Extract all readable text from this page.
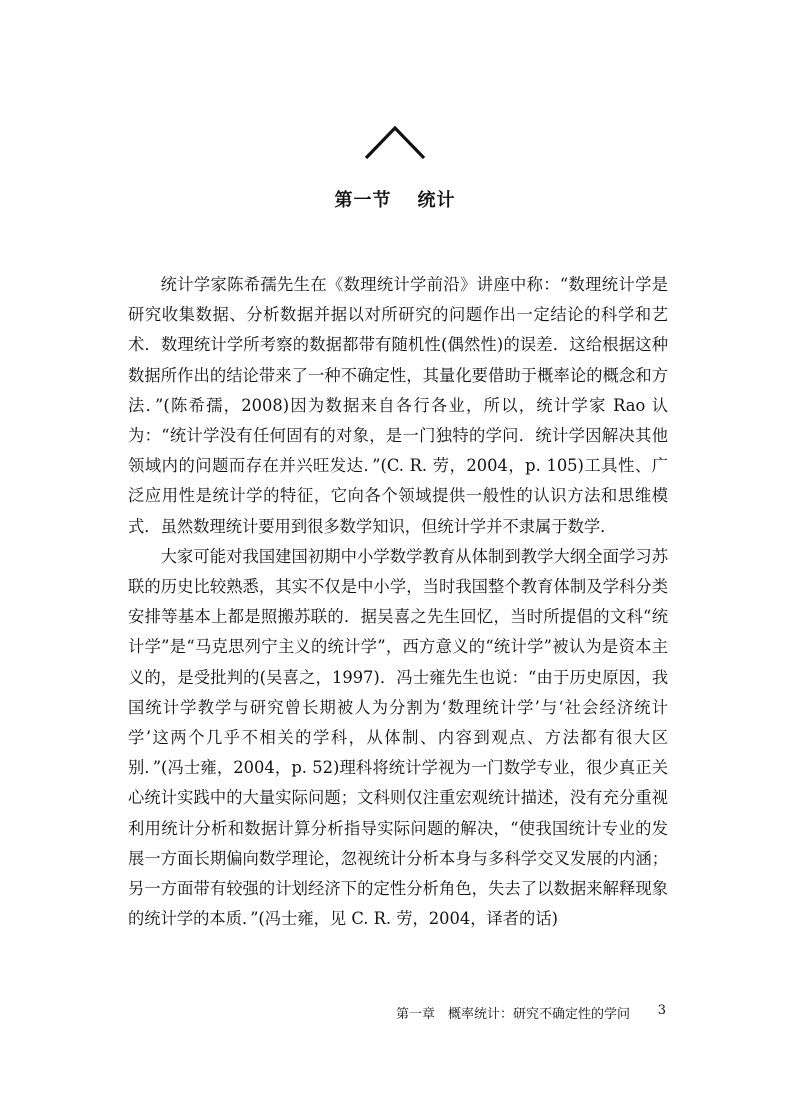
第一节 统计

统计学家陈希孺先生在《数理统计学前沿》讲座中称：“数理统计学是研究收集数据、分析数据并据以对所研究的问题作出一定结论的科学和艺术．数理统计学所考察的数据都带有随机性(偶然性)的误差．这给根据这种数据所作出的结论带来了一种不确定性，其量化要借助于概率论的概念和方法．”(陈希孺，2008)因为数据来自各行各业，所以，统计学家 Rao 认为：“统计学没有任何固有的对象，是一门独特的学问．统计学因解决其他领域内的问题而存在并兴旺发达．”(C. R. 劳，2004，p. 105)工具性、广泛应用性是统计学的特征，它向各个领域提供一般性的认识方法和思维模式．虽然数理统计要用到很多数学知识，但统计学并不隶属于数学．

大家可能对我国建国初期中小学数学教育从体制到教学大纲全面学习苏联的历史比较熟悉，其实不仅是中小学，当时我国整个教育体制及学科分类安排等基本上都是照搬苏联的．据吴喜之先生回忆，当时所提倡的文科“统计学”是“马克思列宁主义的统计学”，西方意义的“统计学”被认为是资本主义的，是受批判的(吴喜之，1997)．冯士雍先生也说：“由于历史原因，我国统计学教学与研究曾长期被人为分割为‘数理统计学’与‘社会经济统计学’这两个几乎不相关的学科，从体制、内容到观点、方法都有很大区别．”(冯士雍，2004，p. 52)理科将统计学视为一门数学专业，很少真正关心统计实践中的大量实际问题；文科则仅注重宏观统计描述，没有充分重视利用统计分析和数据计算分析指导实际问题的解决，“使我国统计专业的发展一方面长期偏向数学理论，忽视统计分析本身与多科学交叉发展的内涵；另一方面带有较强的计划经济下的定性分析角色，失去了以数据来解释现象的统计学的本质．”(冯士雍，见 C. R. 劳，2004，译者的话)

第一章　概率统计：研究不确定性的学问 3
